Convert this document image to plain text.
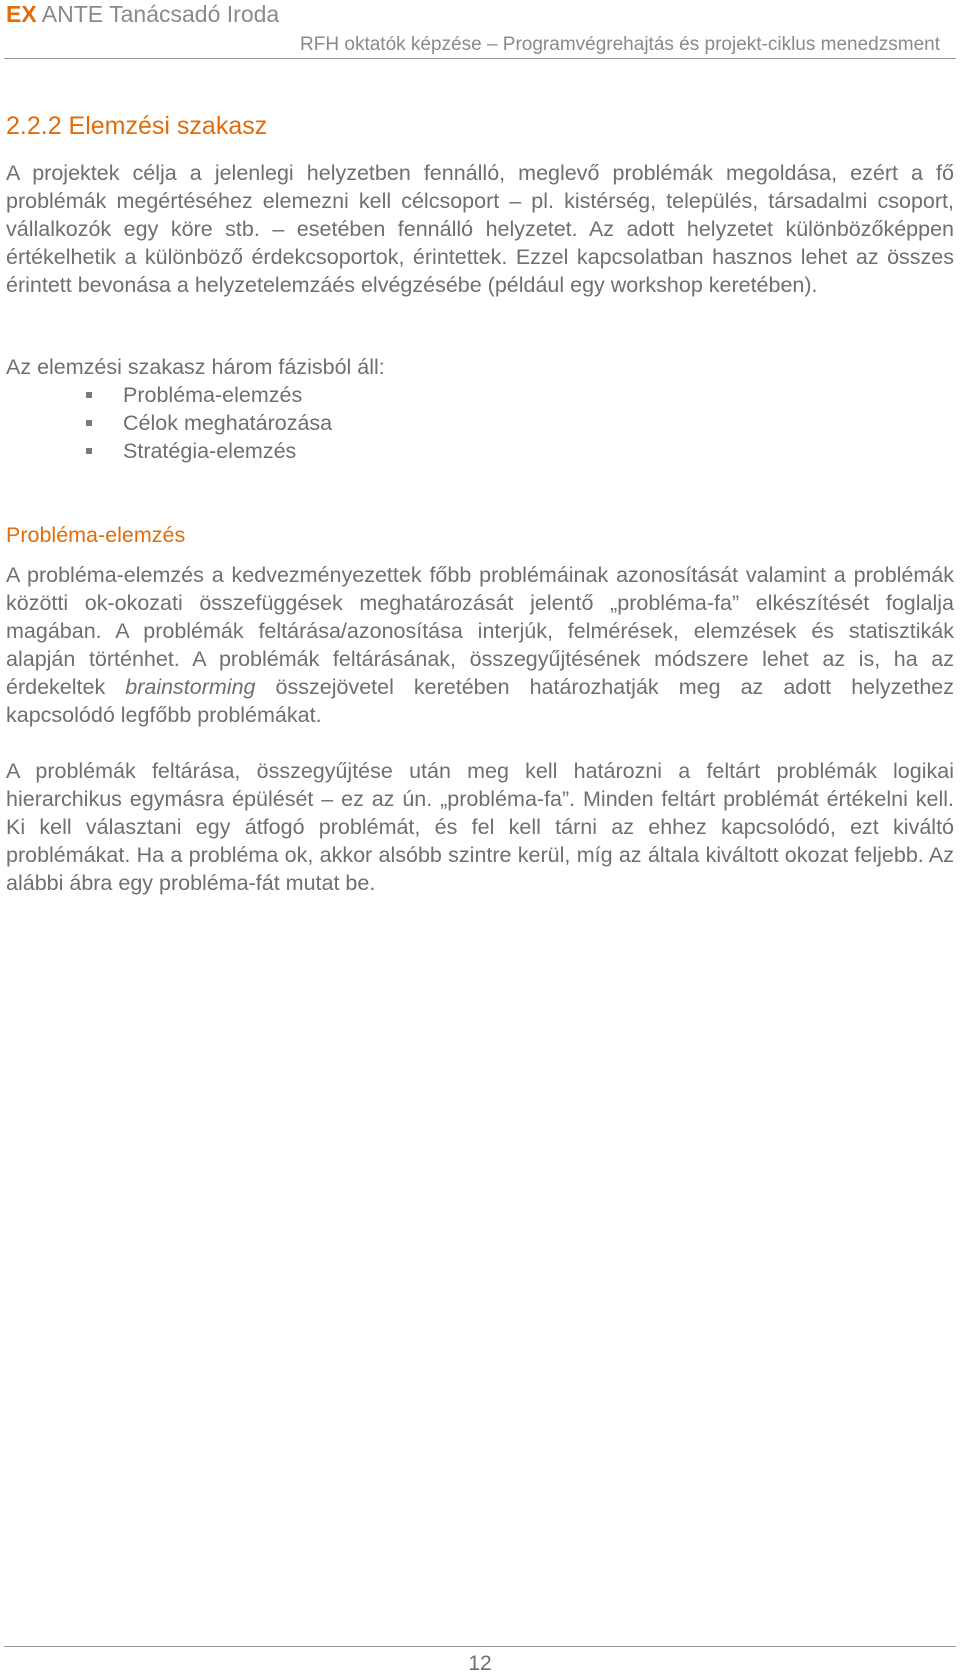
EX ANTE Tanácsadó Iroda
RFH oktatók képzése – Programvégrehajtás és projekt-ciklus menedzsment
2.2.2 Elemzési szakasz

A projektek célja a jelenlegi helyzetben fennálló, meglevő problémák megoldása, ezért a fő problémák megértéséhez elemezni kell célcsoport – pl. kistérség, település, társadalmi csoport, vállalkozók egy köre stb. – esetében fennálló helyzetet. Az adott helyzetet különbözőképpen értékelhetik a különböző érdekcsoportok, érintettek. Ezzel kapcsolatban hasznos lehet az összes érintett bevonása a helyzetelemzáés elvégzésébe (például egy workshop keretében).

Az elemzési szakasz három fázisból áll:

Probléma-elemzés
Célok meghatározása
Stratégia-elemzés
Probléma-elemzés

A probléma-elemzés a kedvezményezettek főbb problémáinak azonosítását valamint a problémák közötti ok-okozati összefüggések meghatározását jelentő „probléma-fa” elkészítését foglalja magában. A problémák feltárása/azonosítása interjúk, felmérések, elemzések és statisztikák alapján történhet. A problémák feltárásának, összegyűjtésének módszere lehet az is, ha az érdekeltek brainstorming összejövetel keretében határozhatják meg az adott helyzethez kapcsolódó legfőbb problémákat.

A problémák feltárása, összegyűjtése után meg kell határozni a feltárt problémák logikai hierarchikus egymásra épülését – ez az ún. „probléma-fa”. Minden feltárt problémát értékelni kell. Ki kell választani egy átfogó problémát, és fel kell tárni az ehhez kapcsolódó, ezt kiváltó problémákat. Ha a probléma ok, akkor alsóbb szintre kerül, míg az általa kiváltott okozat feljebb. Az alábbi ábra egy probléma-fát mutat be.

12
